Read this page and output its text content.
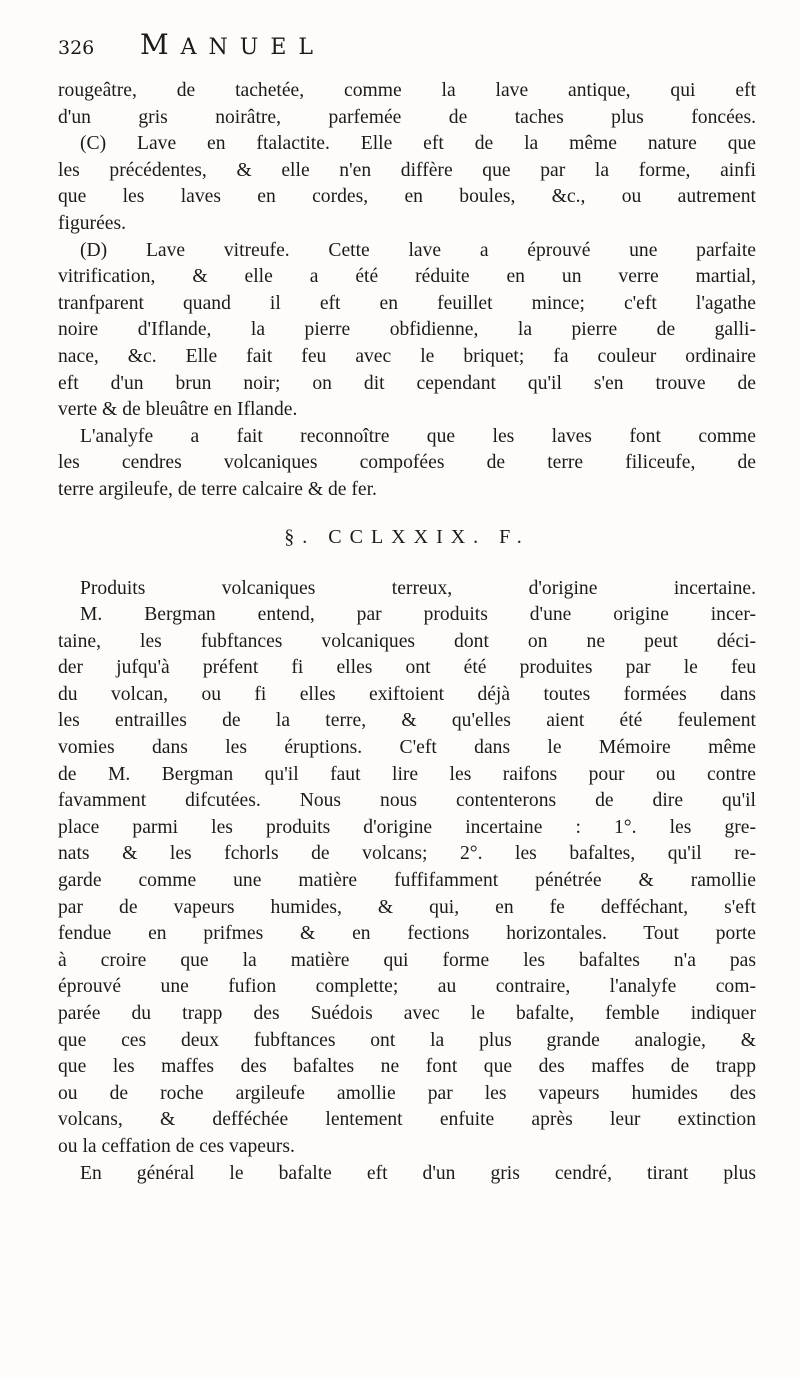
326	MANUEL
rougeâtre, de tachetée, comme la lave antique, qui eft
d'un gris noirâtre, parfemée de taches plus foncées.
(C) Lave en ftalactite. Elle eft de la même nature que
les précédentes, & elle n'en diffère que par la forme, ainfi
que les laves en cordes, en boules, &c., ou autrement
figurées.
(D) Lave vitreufe. Cette lave a éprouvé une parfaite
vitrification, & elle a été réduite en un verre martial,
tranfparent quand il eft en feuillet mince; c'eft l'agathe
noire d'Iflande, la pierre obfidienne, la pierre de galli-
nace, &c. Elle fait feu avec le briquet; fa couleur ordinaire
eft d'un brun noir; on dit cependant qu'il s'en trouve de
verte & de bleuâtre en Iflande.
L'analyfe a fait reconnoître que les laves font comme
les cendres volcaniques compofées de terre filiceufe, de
terre argileufe, de terre calcaire & de fer.
§. CCLXXIX. F.
Produits volcaniques terreux, d'origine incertaine.
M. Bergman entend, par produits d'une origine incer-
taine, les fubftances volcaniques dont on ne peut déci-
der jufqu'à préfent fi elles ont été produites par le feu
du volcan, ou fi elles exiftoient déjà toutes formées dans
les entrailles de la terre, & qu'elles aient été feulement
vomies dans les éruptions. C'eft dans le Mémoire même
de M. Bergman qu'il faut lire les raifons pour ou contre
favamment difcutées. Nous nous contenterons de dire qu'il
place parmi les produits d'origine incertaine : 1°. les gre-
nats & les fchorls de volcans; 2°. les bafaltes, qu'il re-
garde comme une matière fuffifamment pénétrée & ramollie
par de vapeurs humides, & qui, en fe defféchant, s'eft
fendue en prifmes & en fections horizontales. Tout porte
à croire que la matière qui forme les bafaltes n'a pas
éprouvé une fufion complette; au contraire, l'analyfe com-
parée du trapp des Suédois avec le bafalte, femble indiquer
que ces deux fubftances ont la plus grande analogie, &
que les maffes des bafaltes ne font que des maffes de trapp
ou de roche argileufe amollie par les vapeurs humides des
volcans, & defféchée lentement enfuite après leur extinction
ou la ceffation de ces vapeurs.
En général le bafalte eft d'un gris cendré, tirant plus
